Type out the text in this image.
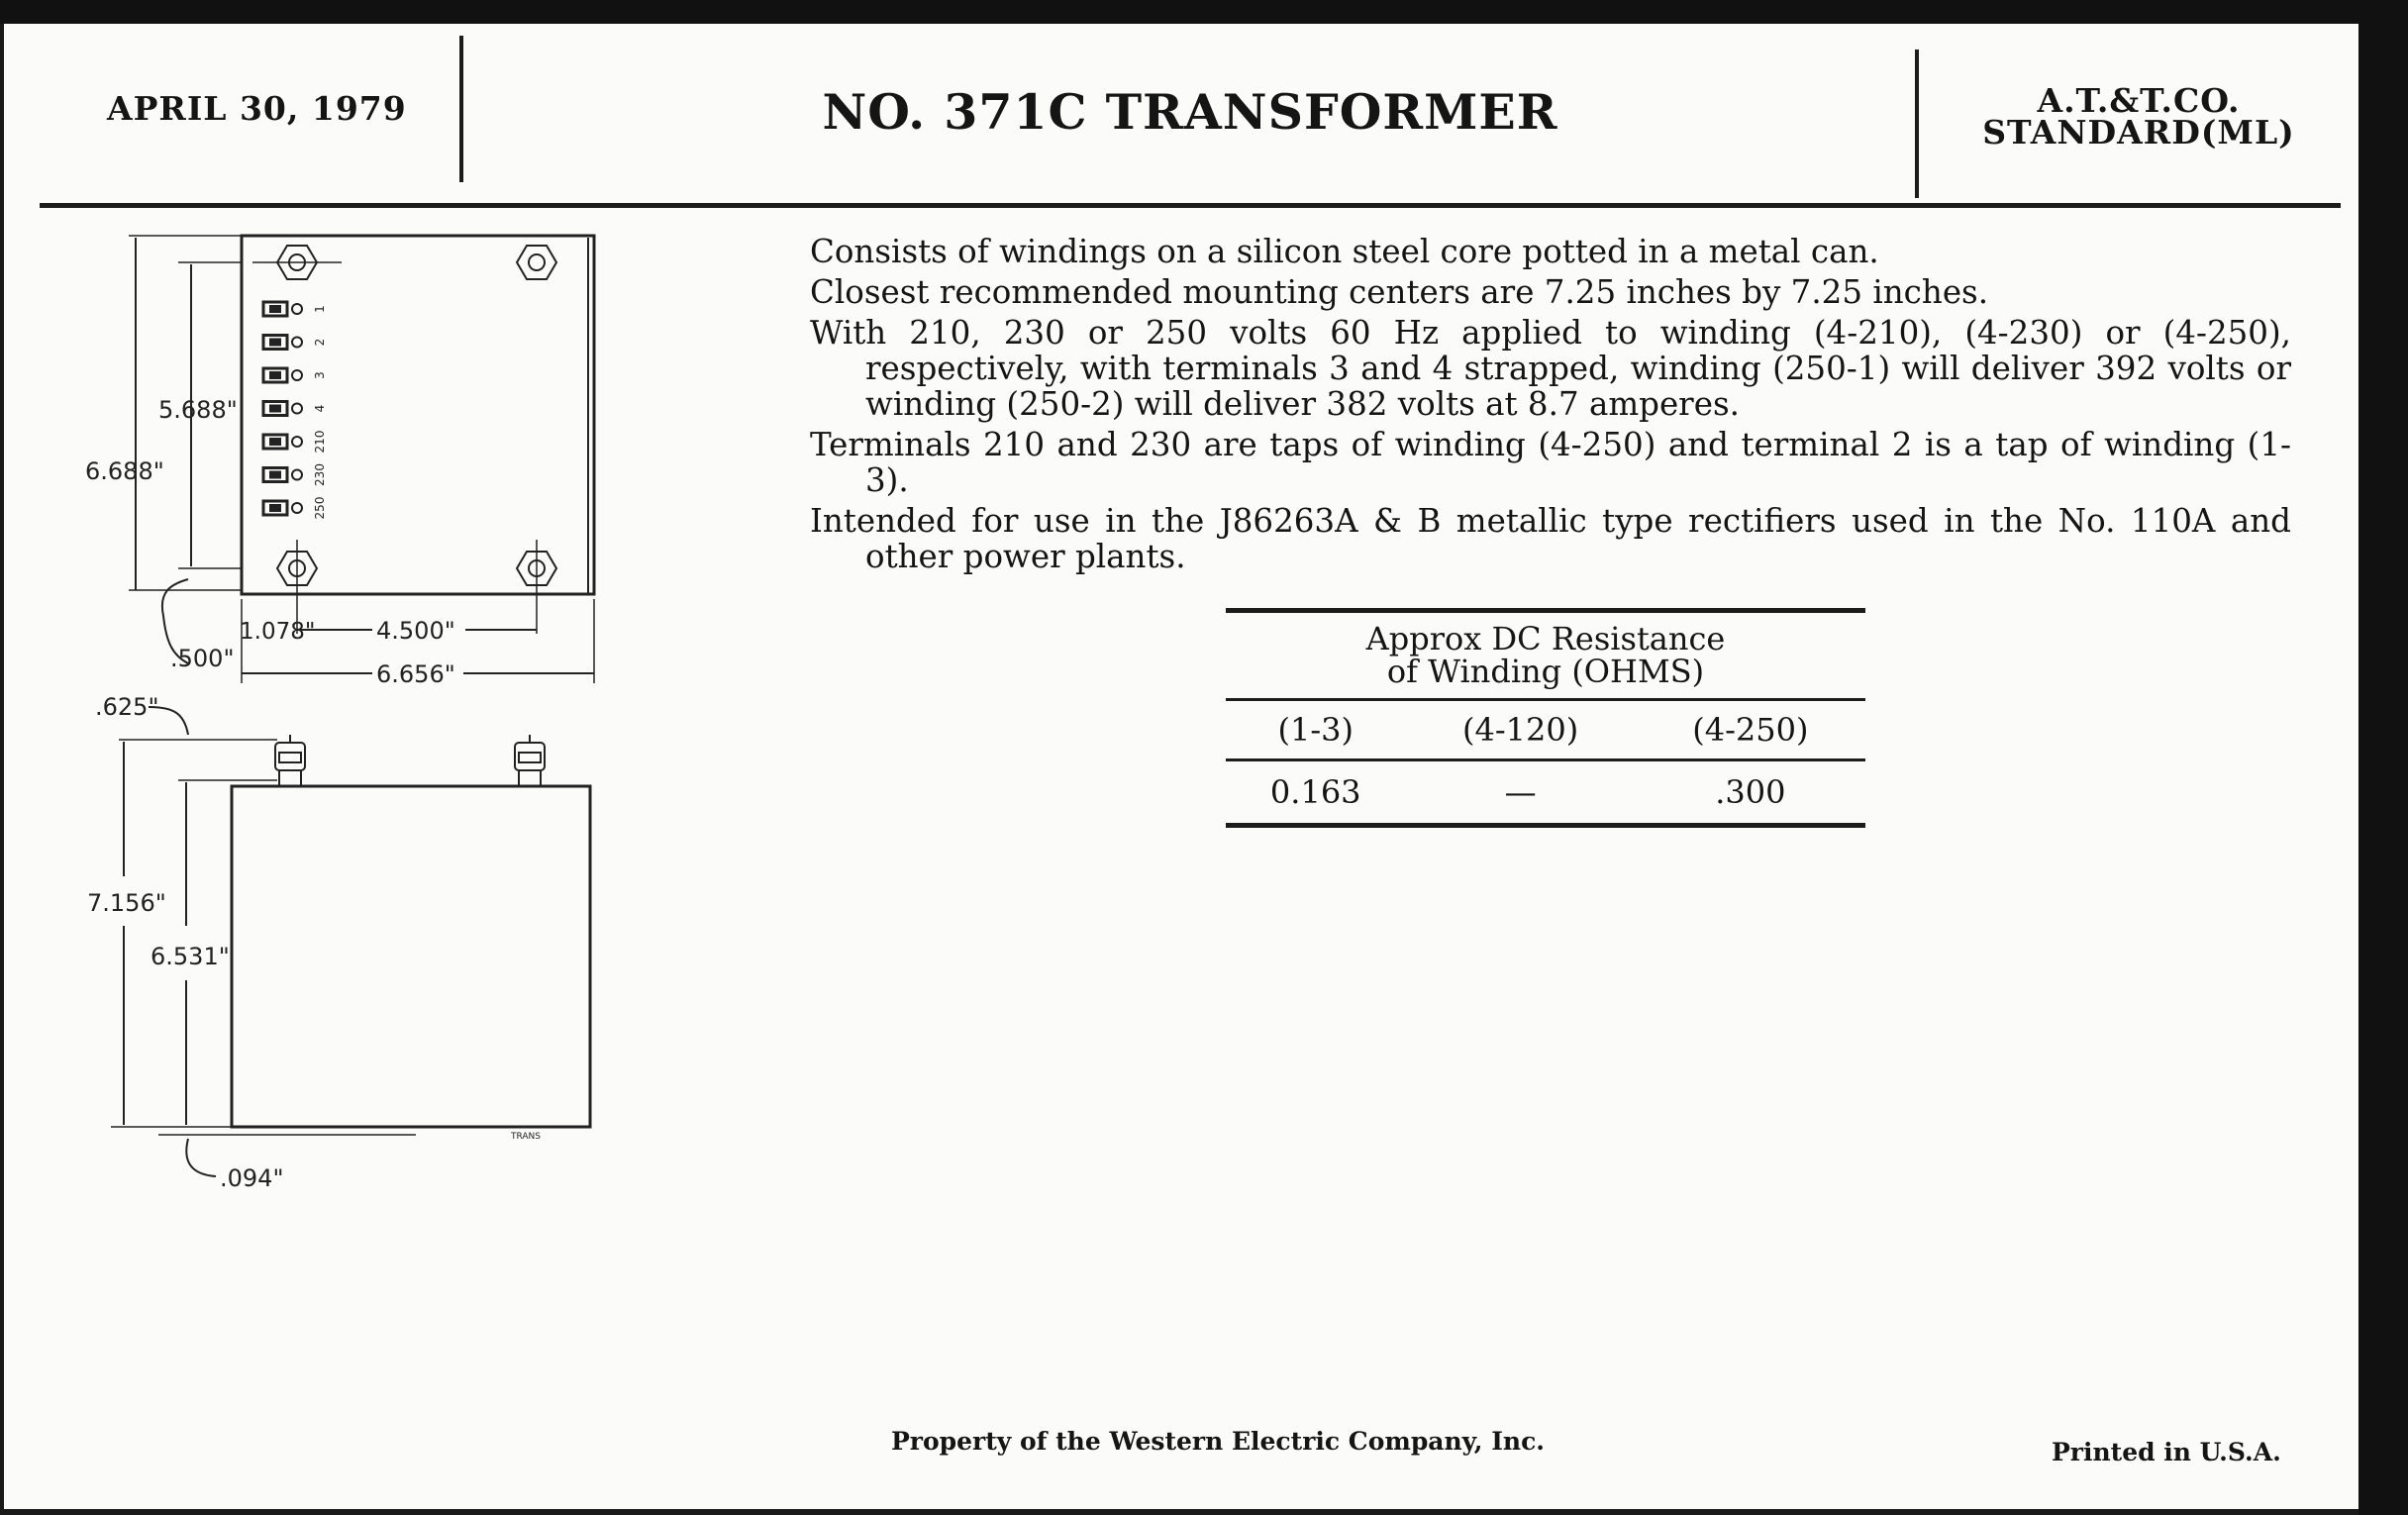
APRIL 30, 1979	NO. 371C TRANSFORMER	A.T.&T.CO.
STANDARD(ML)

Consists of windings on a silicon steel core potted in a metal can.

Closest recommended mounting centers are 7.25 inches by 7.25 inches.

With 210, 230 or 250 volts 60 Hz applied to winding (4-210), (4-230) or (4-250), respectively, with terminals 3 and 4 strapped, winding (250-1) will deliver 392 volts or winding (250-2) will deliver 382 volts at 8.7 amperes.

Terminals 210 and 230 are taps of winding (4-250) and terminal 2 is a tap of winding (1-3).

Intended for use in the J86263A & B metallic type rectifiers used in the No. 110A and other power plants.

Approx DC Resistance
of Winding (OHMS)		

(1-3)	(4-120)	(4-250)
0.163	—	.300
1
2
3
4
210
230
250
5.688"
6.688"
1.078"	4.500"
.500"
6.656"
.625"
7.156"
6.531"
.094"
TRANS
Property of the Western Electric Company, Inc.	Printed in U.S.A.
